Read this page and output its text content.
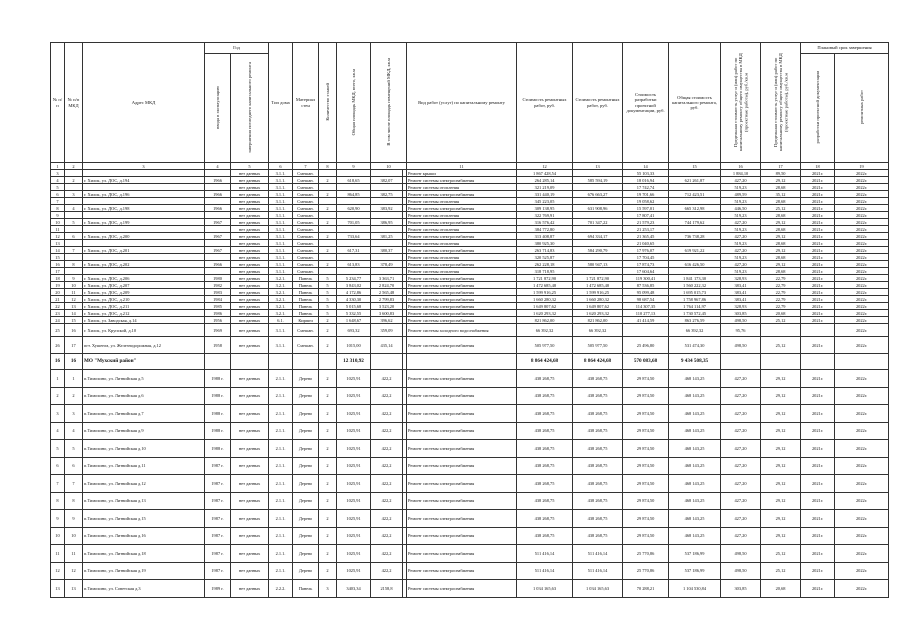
№ п/п	№ п/п МКД	Адрес МКД	Год		Тип дома	Материал стен	Количество этажей	Общая площадь МКД, всего, кв.м	В том числе площадь помещений МКД, кв.м		Вид работ (услуг) по капитальному ремонту	Стоимость ремонтных работ, руб.	Стоимость ремонтных работ, руб.	Стоимость разработки проектной документации, руб.	Общая стоимость капитального ремонта, руб.	Предельная стоимость услуг и (или) работ по капитальному ремонту общего имущества в МКД (проектные работы), руб./кв.м	Предельная стоимость услуг и (или) работ по капитальному ремонту общего имущества в МКД (проектные работы), руб./кв.м	Плановый срок завершения		
			ввода в эксплуатацию	завершения последнего капитального ремонта														разработки проектной документации	ремонтных работ	
1	2	3	4	5	6	7	8	9	10		11	12	13	14	15	16	17	18	19	
3				нет данных	3.1.1.	Смешан.					Ремонт крыши	1 867 428,54		55 103,33		1 884,10	89,50	2021г.	2022г.	
4	2	г. Хилок, ул. ДОС, д.194	1966	нет данных	3.1.1.	Смешан.	2	618,65	382,07		Ремонт системы электроснабжения	264 285,14	585 594,19	18 016,94	621 261,87	427,20	29,12	2021г.	2022г.	
5				нет данных	3.1.1.	Смешан.					Ремонт системы отопления	321 219,09		17 742,74		519,23	28,68	2021г.	2022г.	
6	3	г. Хилок, ул. ДОС, д.196	1966	нет данных	3.1.1.	Смешан.	2	864,85	382,75		Ремонт системы электроснабжения	331 440,19	676 663,27	19 701,66	712 423,51	489,59	35,12	2021г.	2022г.	
7				нет данных	3.1.1.	Смешан.					Ремонт системы отопления	345 223,05		19 058,62		519,23	28,68	2021г.	2022г.	
8	4	г. Хилок, ул. ДОС, д.198	1966	нет данных	3.1.1.	Смешан.	2	620,90	383,92		Ремонт системы электроснабжения	309 138,95	631 908,96	15 597,01	665 312,98	446,50	25,12	2021г.	2022г.	
9				нет данных	3.1.1.	Смешан.					Ремонт системы отопления	322 769,91		17 807,41		519,23	28,68	2021г.	2022г.	
10	5	г. Хилок, ул. ДОС, д.199	1967	нет данных	3.1.1.	Смешан.	2	701,05	386,95		Ремонт системы электроснабжения	316 576,42	701 347,22	21 579,23	744 179,62	427,20	29,12	2021г.	2022г.	
11				нет данных	3.1.1.	Смешан.					Ремонт системы отопления	384 772,80		21 253,17		519,23	28,68	2021г.	2022г.	
12	6	г. Хилок, ул. ДОС, д.200	1967	нет данных	3.1.1.	Смешан.	2	733,64	381,25		Ремонт системы электроснабжения	313 408,87	694 334,17	21 365,45	736 738,28	427,20	29,12	2021г.	2022г.	
13				нет данных	3.1.1.	Смешан.					Ремонт системы отопления	380 925,30		21 040,65		519,23	28,68	2021г.	2022г.	
14	7	г. Хилок, ул. ДОС, д.201	1967	нет данных	3.1.1.	Смешан.	2	617,31	380,37		Ремонт системы электроснабжения	263 714,83	584 290,79	17 976,07	619 921,22	427,20	29,12	2021г.	2022г.	
15				нет данных	3.1.1.	Смешан.					Ремонт системы отопления	320 525,87		17 704,45		519,23	28,68	2021г.	2022г.	
16	8	г. Хилок, ул. ДОС, д.202	1966	нет данных	3.1.1.	Смешан.	2	613,83	378,49		Ремонт системы электроснабжения	262 228,18	580 947,13	17 874,73	616 426,50	427,20	29,12	2021г.	2022г.	
17				нет данных	3.1.1.	Смешан.					Ремонт системы отопления	318 718,95		17 604,64		519,23	28,68	2021г.	2022г.	
18	9	г. Хилок, ул. ДОС, д.206	1980	нет данных	3.2.1.	Панель	5	5 234,77	3 363,71		Ремонт системы электроснабжения	1 721 872,90	1 721 872,90	119 300,41	1 841 173,30	328,93	22,79	2021г.	2022г.	
19	10	г. Хилок, ул. ДОС, д.207	1982	нет данных	3.2.1.	Панель	5	3 843,02	2 824,70		Ремонт системы электроснабжения	1 472 685,48	1 472 685,48	87 536,85	1 560 222,32	383,41	22,79	2021г.	2022г.	
20	11	г. Хилок, ул. ДОС, д.209	1983	нет данных	3.2.1.	Панель	5	4 172,86	2 565,48		Ремонт системы электроснабжения	1 599 916,25	1 599 916,25	95 099,48	1 695 015,73	383,41	22,79	2021г.	2022г.	
21	12	г. Хилок, ул. ДОС, д.210	1984	нет данных	3.2.1.	Панель	5	4 330,30	2 799,83		Ремонт системы электроснабжения	1 660 280,32	1 660 280,32	98 687,54	1 758 967,86	383,41	22,79	2021г.	2022г.	
22	13	г. Хилок, ул. ДОС, д.211	1985	нет данных	3.2.1.	Панель	5	5 015,68	3 523,20		Ремонт системы электроснабжения	1 649 807,62	1 649 807,62	114 307,35	1 764 114,97	328,93	22,79	2021г.	2022г.	
23	14	г. Хилок, ул. ДОС, д.212	1986	нет данных	3.2.1.	Панель	5	5 332,55	3 600,83		Ремонт системы электроснабжения	1 620 293,32	1 620 293,32	110 277,13	1 730 572,45	303,85	20,68	2021г.	2022г.	
24	15	г. Хилок, ул. Заводская, д.14	1956	нет данных	6.1.	Кирпич	2	1 648,67	396,62		Ремонт системы электроснабжения	821 862,00	821 862,00	41 414,59	863 276,59	498,50	25,12	2021г.	2022г.	
25	16	г. Хилок, ул. Крупской, д.10	1969	нет данных	3.1.1.	Смешан.	2	693,32	359,09		Ремонт системы холодного водоснабжения	66 392,32	66 392,32		66 392,32	95,76			2022г.	
26	17	пгт. Хушенга, ул. Железнодорожная, д.12	1958	нет данных	3.1.1.	Смешан.	2	1015,00	435,14		Ремонт системы электроснабжения	505 977,50	505 977,50	25 496,80	531 474,30	498,50	25,12	2021г.	2022г.	
16	16	МО "Мухский район"						12 310,92				8 864 424,68	8 864 424,68	570 083,68	9 434 508,35					
1	1	п.Тимохино, ул. Литвийская д.5	1988 г.	нет данных	2.1.1.	Дерево	2	1025,91	422,2		Ремонт системы электроснабжения	438 268,75	438 268,75	29 874,50	468 143,25	427,20	29,12	2021г.	2022г.	
2	2	п.Тимохино, ул. Литвийская д.6	1988 г.	нет данных	2.1.1.	Дерево	2	1025,91	422,2		Ремонт системы электроснабжения	438 268,75	438 268,75	29 874,50	468 143,25	427,20	29,12	2021г.	2022г.	
3	3	п.Тимохино, ул. Литвийская д.7	1988 г.	нет данных	2.1.1.	Дерево	2	1025,91	422,2		Ремонт системы электроснабжения	438 268,75	438 268,75	29 874,50	468 143,25	427,20	29,12	2021г.	2022г.	
4	4	п.Тимохино, ул. Литвийская д.9	1988 г.	нет данных	2.1.1.	Дерево	2	1025,91	422,2		Ремонт системы электроснабжения	438 268,75	438 268,75	29 874,50	468 143,25	427,20	29,12	2021г.	2022г.	
5	5	п.Тимохино, ул. Литвийская д.10	1988 г.	нет данных	2.1.1.	Дерево	2	1025,91	422,2		Ремонт системы электроснабжения	438 268,75	438 268,75	29 874,50	468 143,25	427,20	29,12	2021г.	2022г.	
6	6	п.Тимохино, ул. Литвийская д.11	1987 г.	нет данных	2.1.1.	Дерево	2	1025,91	422,2		Ремонт системы электроснабжения	438 268,75	438 268,75	29 874,50	468 143,25	427,20	29,12	2021г.	2022г.	
7	7	п.Тимохино, ул. Литвийская д.12	1987 г.	нет данных	2.1.1.	Дерево	2	1025,91	422,2		Ремонт системы электроснабжения	438 268,75	438 268,75	29 874,50	468 143,25	427,20	29,12	2021г.	2022г.	
8	8	п.Тимохино, ул. Литвийская д.13	1987 г.	нет данных	2.1.1.	Дерево	2	1025,91	422,2		Ремонт системы электроснабжения	438 268,75	438 268,75	29 874,50	468 143,25	427,20	29,12	2021г.	2022г.	
9	9	п.Тимохино, ул. Литвийская д.15	1987 г.	нет данных	2.1.1.	Дерево	2	1025,91	422,2		Ремонт системы электроснабжения	438 268,75	438 268,75	29 874,50	468 143,25	427,20	29,12	2021г.	2022г.	
10	10	п.Тимохино, ул. Литвийская д.16	1987 г.	нет данных	2.1.1.	Дерево	2	1025,91	422,2		Ремонт системы электроснабжения	438 268,75	438 268,75	29 874,50	468 143,25	427,20	29,12	2021г.	2022г.	
11	11	п.Тимохино, ул. Литвийская д.18	1987 г.	нет данных	2.1.1.	Дерево	2	1025,91	422,2		Ремонт системы электроснабжения	511 416,14	511 416,14	25 770,86	537 186,99	498,50	25,12	2021г.	2022г.	
12	12	п.Тимохино, ул. Литвийская д.19	1987 г.	нет данных	2.1.1.	Дерево	2	1025,91	422,2		Ремонт системы электроснабжения	511 416,14	511 416,14	25 770,86	537 186,99	498,50	25,12	2021г.	2022г.	
13	13	п.Тимохино, ул. Советская д.3	1989 г.	нет данных	2.2.2.	Панель	3	3403,34	2158,8		Ремонт системы электроснабжения	1 034 165,63	1 034 165,63	70 288,21	1 104 530,84	303,85	20,68	2021г.	2022г.	
